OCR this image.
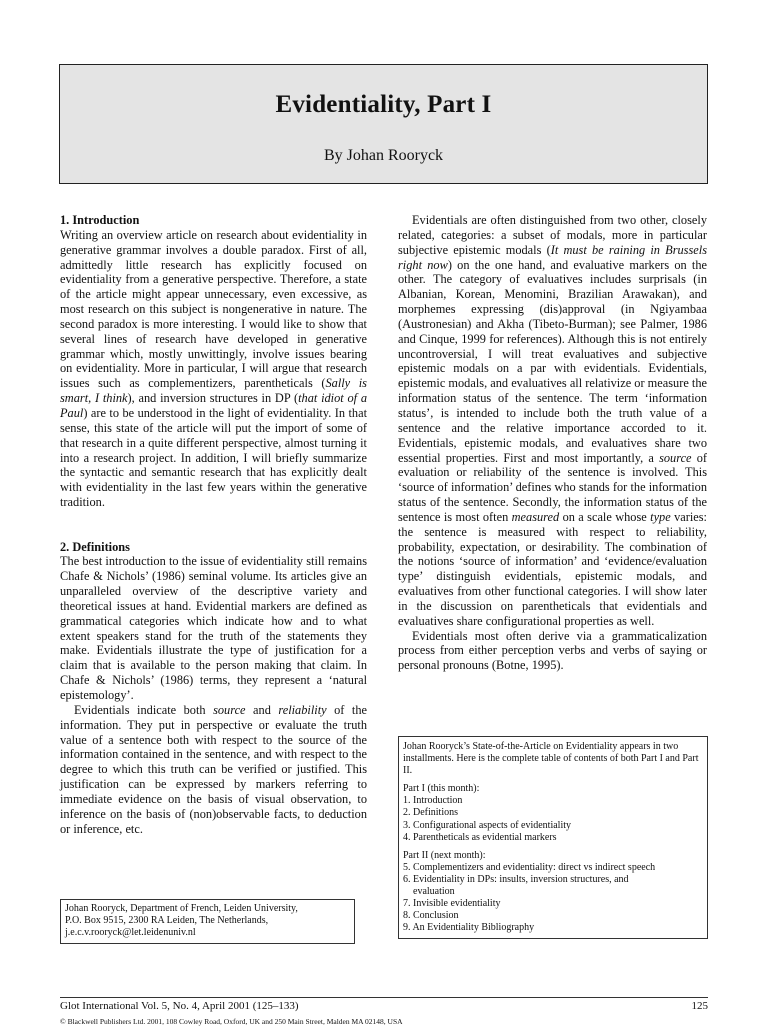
Evidentiality, Part I
By Johan Rooryck

1. Introduction

Writing an overview article on research about evidentiality in generative grammar involves a double paradox. First of all, admittedly little research has explicitly focused on evidentiality from a generative perspective. Therefore, a state of the article might appear unnecessary, even excessive, as most research on this subject is nongenerative in nature. The second paradox is more interesting. I would like to show that several lines of research have developed in generative grammar which, mostly unwittingly, involve issues bearing on evidentiality. More in particular, I will argue that research issues such as complementizers, parentheticals (Sally is smart, I think), and inversion structures in DP (that idiot of a Paul) are to be understood in the light of evidentiality. In that sense, this state of the article will put the import of some of that research in a quite different perspective, almost turning it into a research project. In addition, I will briefly summarize the syntactic and semantic research that has explicitly dealt with evidentiality in the last few years within the generative tradition.

2. Definitions

The best introduction to the issue of evidentiality still remains Chafe & Nichols’ (1986) seminal volume. Its articles give an unparalleled overview of the descriptive variety and theoretical issues at hand. Evidential markers are defined as grammatical categories which indicate how and to what extent speakers stand for the truth of the statements they make. Evidentials illustrate the type of justification for a claim that is available to the person making that claim. In Chafe & Nichols’ (1986) terms, they represent a ‘natural epistemology’.

Evidentials indicate both source and reliability of the information. They put in perspective or evaluate the truth value of a sentence both with respect to the source of the information contained in the sentence, and with respect to the degree to which this truth can be verified or justified. This justification can be expressed by markers referring to immediate evidence on the basis of visual observation, to inference on the basis of (non)observable facts, to deduction or inference, etc.

Evidentials are often distinguished from two other, closely related, categories: a subset of modals, more in particular subjective epistemic modals (It must be raining in Brussels right now) on the one hand, and evaluative markers on the other. The category of evaluatives includes surprisals (in Albanian, Korean, Menomini, Brazilian Arawakan), and morphemes expressing (dis)approval (in Ngiyambaa (Austronesian) and Akha (Tibeto-Burman); see Palmer, 1986 and Cinque, 1999 for references). Although this is not entirely uncontroversial, I will treat evaluatives and subjective epistemic modals on a par with evidentials. Evidentials, epistemic modals, and evaluatives all relativize or measure the information status of the sentence. The term ‘information status’, is intended to include both the truth value of a sentence and the relative importance accorded to it. Evidentials, epistemic modals, and evaluatives share two essential properties. First and most importantly, a source of evaluation or reliability of the sentence is involved. This ‘source of information’ defines who stands for the information status of the sentence. Secondly, the information status of the sentence is most often measured on a scale whose type varies: the sentence is measured with respect to reliability, probability, expectation, or desirability. The combination of the notions ‘source of information’ and ‘evidence/evaluation type’ distinguish evidentials, epistemic modals, and evaluatives from other functional categories. I will show later in the discussion on parentheticals that evidentials and evaluatives share configurational properties as well.

Evidentials most often derive via a grammaticalization process from either perception verbs and verbs of saying or personal pronouns (Botne, 1995).

Johan Rooryck’s State-of-the-Article on Evidentiality appears in two installments. Here is the complete table of contents of both Part I and Part II.

Part I (this month):

1. Introduction

2. Definitions

3. Configurational aspects of evidentiality

4. Parentheticals as evidential markers

Part II (next month):

5. Complementizers and evidentiality: direct vs indirect speech

6. Evidentiality in DPs: insults, inversion structures, and

evaluation

7. Invisible evidentiality

8. Conclusion

9. An Evidentiality Bibliography

Johan Rooryck, Department of French, Leiden University,
P.O. Box 9515, 2300 RA Leiden, The Netherlands,
j.e.c.v.rooryck@let.leidenuniv.nl
Glot International Vol. 5, No. 4, April 2001 (125–133)	125
© Blackwell Publishers Ltd. 2001, 108 Cowley Road, Oxford, UK and 250 Main Street, Malden MA 02148, USA
